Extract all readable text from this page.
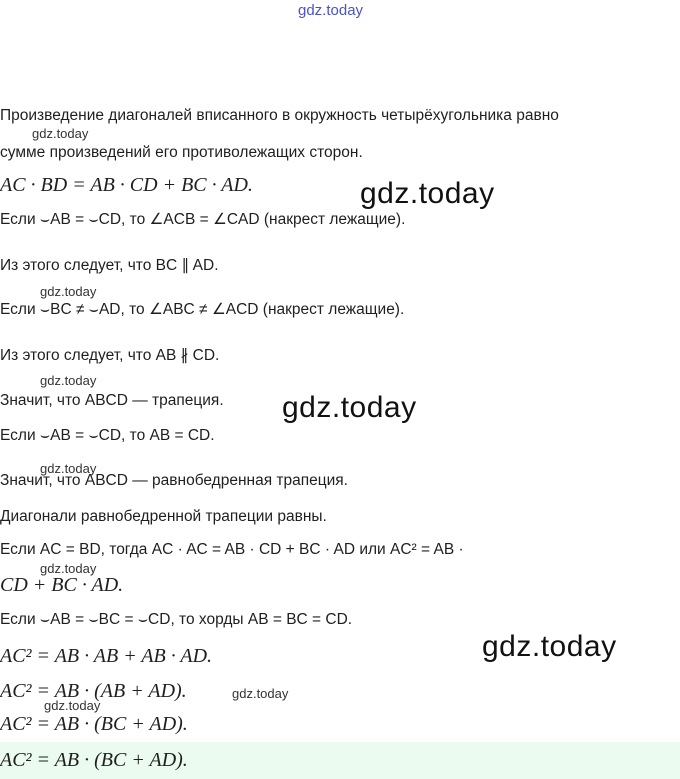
gdz.today
Произведение диагоналей вписанного в окружность четырёхугольника равно
сумме произведений его противолежащих сторон.
AC · BD = AB · CD + BC · AD.
Если ⌣AB = ⌣CD, то ∠ACB = ∠CAD (накрест лежащие).
Из этого следует, что BC ∥ AD.
Если ⌣BC ≠ ⌣AD, то ∠ABC ≠ ∠ACD (накрест лежащие).
Из этого следует, что AB ∦ CD.
Значит, что ABCD — трапеция.
Если ⌣AB = ⌣CD, то AB = CD.
Значит, что ABCD — равнобедренная трапеция.
Диагонали равнобедренной трапеции равны.
Если AC = BD, тогда AC · AC = AB · CD + BC · AD или AC² = AB ·
CD + BC · AD.
Если ⌣AB = ⌣BC = ⌣CD, то хорды AB = BC = CD.
AC² = AB · AB + AB · AD.
AC² = AB · (AB + AD).
AC² = AB · (BC + AD).
AC² = AB · (BC + AD).
gdz.today
gdz.today
gdz.today
gdz.today
gdz.today
gdz.today
gdz.today
gdz.today
gdz.today
gdz.today
